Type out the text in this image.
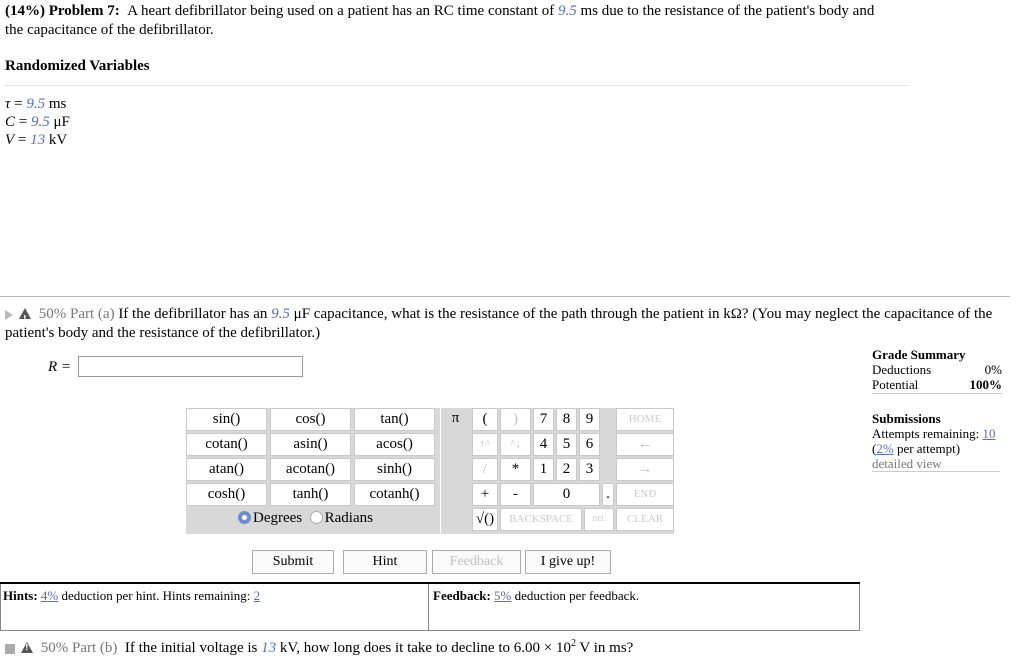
(14%) Problem 7: A heart defibrillator being used on a patient has an RC time constant of 9.5 ms due to the resistance of the patient's body and the capacitance of the defibrillator.
Randomized Variables
τ = 9.5 ms
C = 9.5 μF
V = 13 kV
! 50% Part (a) If the defibrillator has an 9.5 μF capacitance, what is the resistance of the path through the patient in kΩ? (You may neglect the capacitance of the patient's body and the resistance of the defibrillator.)
R =
sin()	cos()	tan()
cotan()	asin()	acos()
atan()	acotan()	sinh()
cosh()	tanh()	cotanh()
Degrees Radians
π	(	)	7	8	9	HOME
↑^	^↓	4	5	6	←
/	*	1	2	3	→
+	-	0	.	END
√()	BACKSPACE	DEL	CLEAR
Submit	Hint	Feedback	I give up!
Hints: 4% deduction per hint. Hints remaining: 2	Feedback: 5% deduction per feedback.
Grade Summary
Deductions	0%
Potential	100%
Submissions
Attempts remaining: 10
(2% per attempt)
detailed view
! 50% Part (b) If the initial voltage is 13 kV, how long does it take to decline to $6.00 \times 10^2$ V in ms?
